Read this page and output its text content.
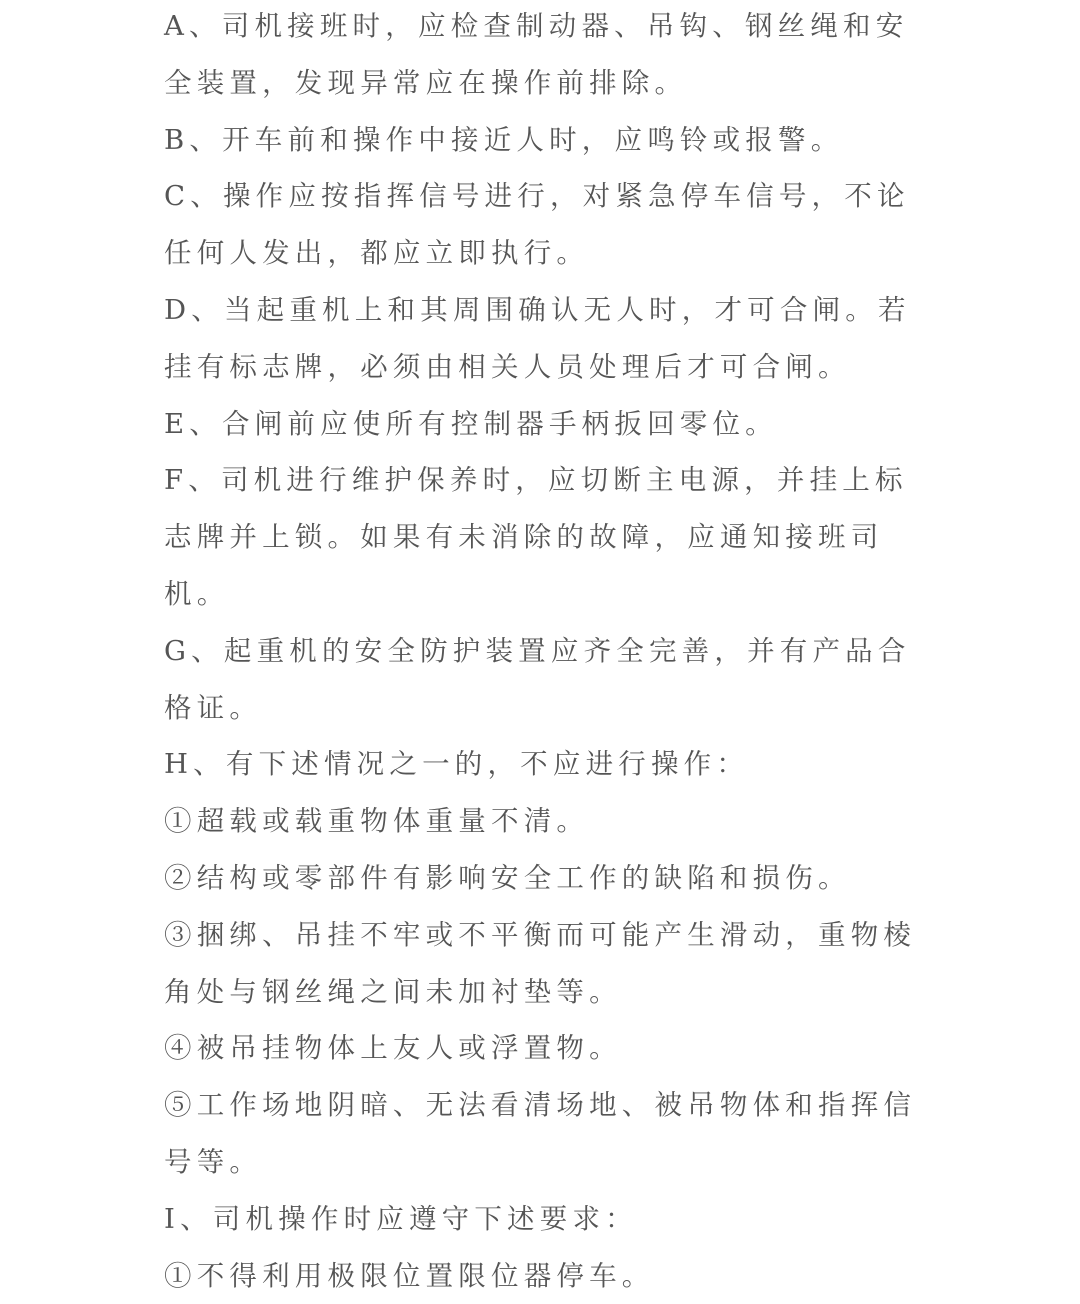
A、司机接班时，应检查制动器、吊钩、钢丝绳和安全装置，发现异常应在操作前排除。

B、开车前和操作中接近人时，应鸣铃或报警。

C、操作应按指挥信号进行，对紧急停车信号，不论任何人发出，都应立即执行。

D、当起重机上和其周围确认无人时，才可合闸。若挂有标志牌，必须由相关人员处理后才可合闸。

E、合闸前应使所有控制器手柄扳回零位。

F、司机进行维护保养时，应切断主电源，并挂上标志牌并上锁。如果有未消除的故障，应通知接班司机。

G、起重机的安全防护装置应齐全完善，并有产品合格证。

H、有下述情况之一的，不应进行操作：

①超载或载重物体重量不清。

②结构或零部件有影响安全工作的缺陷和损伤。

③捆绑、吊挂不牢或不平衡而可能产生滑动，重物棱角处与钢丝绳之间未加衬垫等。

④被吊挂物体上友人或浮置物。

⑤工作场地阴暗、无法看清场地、被吊物体和指挥信号等。

I、司机操作时应遵守下述要求：

①不得利用极限位置限位器停车。
